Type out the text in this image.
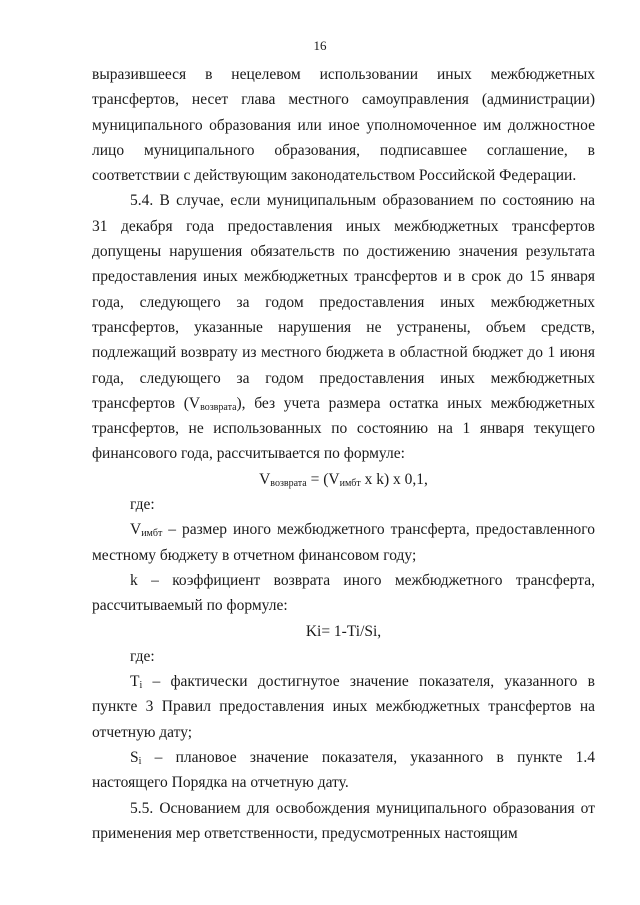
16

выразившееся в нецелевом использовании иных межбюджетных трансфертов, несет глава местного самоуправления (администрации) муниципального образования или иное уполномоченное им должностное лицо муниципального образования, подписавшее соглашение, в соответствии с действующим законодательством Российской Федерации.

5.4. В случае, если муниципальным образованием по состоянию на 31 декабря года предоставления иных межбюджетных трансфертов допущены нарушения обязательств по достижению значения результата предоставления иных межбюджетных трансфертов и в срок до 15 января года, следующего за годом предоставления иных межбюджетных трансфертов, указанные нарушения не устранены, объем средств, подлежащий возврату из местного бюджета в областной бюджет до 1 июня года, следующего за годом предоставления иных межбюджетных трансфертов $(V_{возврата})$, без учета размера остатка иных межбюджетных трансфертов, не использованных по состоянию на 1 января текущего финансового года, рассчитывается по формуле:

$V_{возврата} = (V_{имбт}$ x k) x 0,1,

где:

$V_{имбт}$ – размер иного межбюджетного трансферта, предоставленного местному бюджету в отчетном финансовом году;

k – коэффициент возврата иного межбюджетного трансферта, рассчитываемый по формуле:

Ki= 1-Ti/Si,

где:

$T_i$ – фактически достигнутое значение показателя, указанного в пункте 3 Правил предоставления иных межбюджетных трансфертов на отчетную дату;

$S_i$ – плановое значение показателя, указанного в пункте 1.4 настоящего Порядка на отчетную дату.

5.5. Основанием для освобождения муниципального образования от применения мер ответственности, предусмотренных настоящим
